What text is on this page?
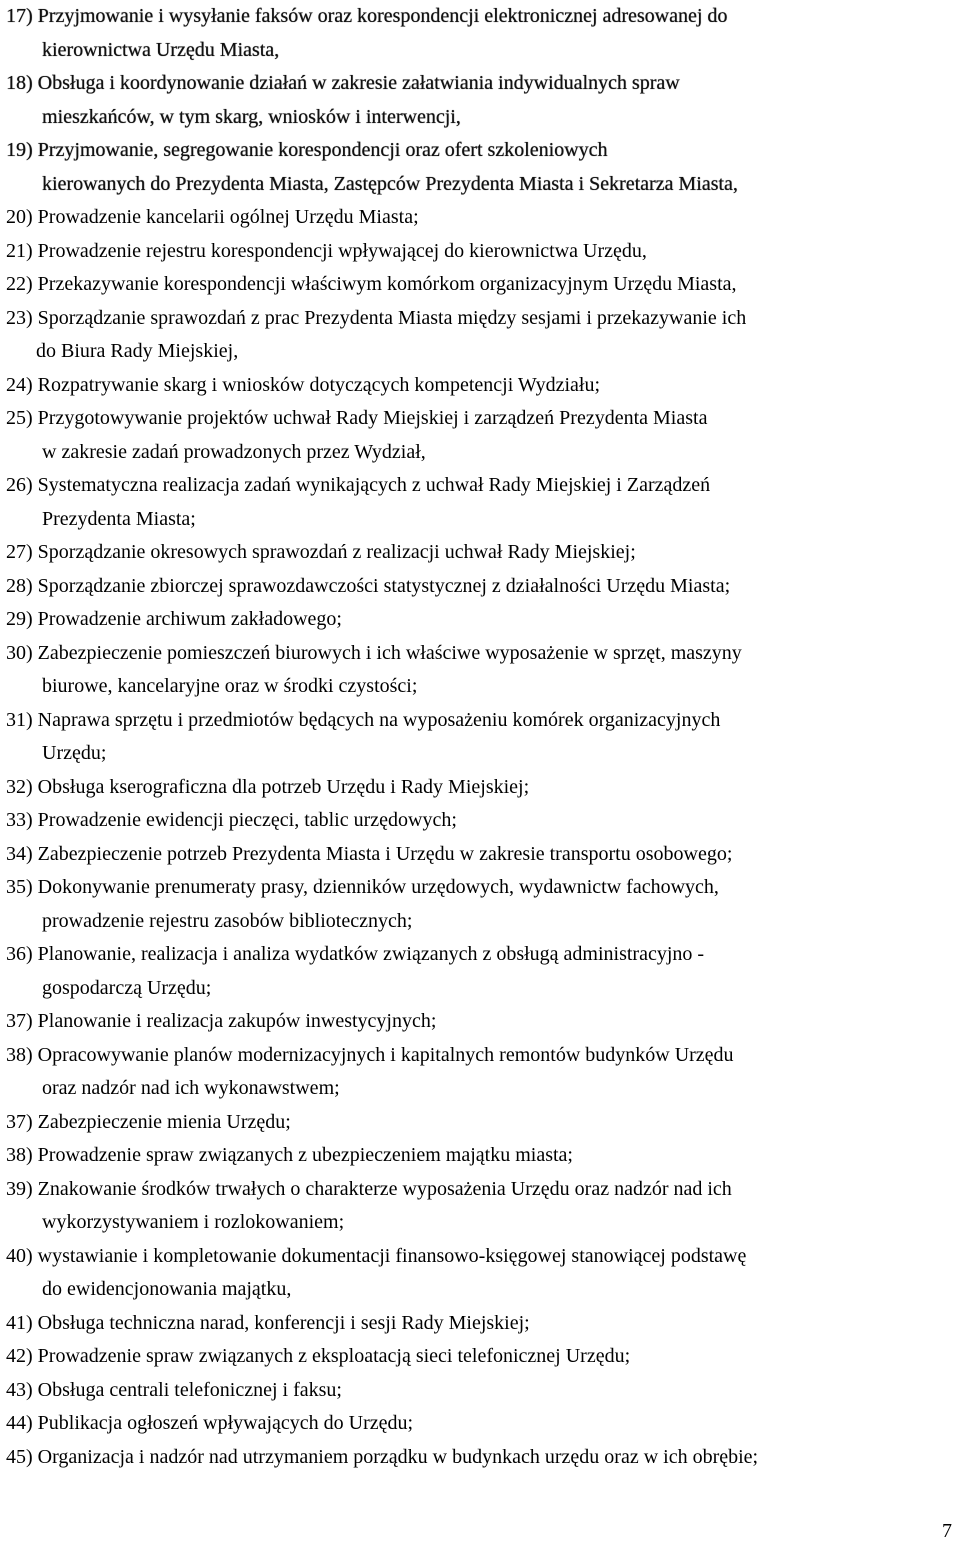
17) Przyjmowanie i wysyłanie faksów oraz korespondencji elektronicznej adresowanej do
kierownictwa Urzędu Miasta,
18) Obsługa i koordynowanie działań w zakresie załatwiania indywidualnych spraw
mieszkańców, w tym skarg, wniosków i interwencji,
19) Przyjmowanie, segregowanie korespondencji oraz ofert szkoleniowych
kierowanych do Prezydenta Miasta, Zastępców Prezydenta Miasta i Sekretarza Miasta,
20) Prowadzenie kancelarii ogólnej Urzędu Miasta;
21) Prowadzenie rejestru korespondencji wpływającej do kierownictwa Urzędu,
22) Przekazywanie korespondencji właściwym komórkom organizacyjnym Urzędu Miasta,
23) Sporządzanie sprawozdań z prac Prezydenta Miasta między sesjami i przekazywanie ich
do Biura Rady Miejskiej,
24) Rozpatrywanie skarg i wniosków dotyczących kompetencji Wydziału;
25) Przygotowywanie projektów uchwał Rady Miejskiej i zarządzeń Prezydenta Miasta
w zakresie zadań prowadzonych przez Wydział,
26) Systematyczna realizacja zadań wynikających z uchwał Rady Miejskiej i Zarządzeń
Prezydenta Miasta;
27) Sporządzanie okresowych sprawozdań z realizacji uchwał Rady Miejskiej;
28) Sporządzanie zbiorczej sprawozdawczości statystycznej z działalności Urzędu Miasta;
29) Prowadzenie archiwum zakładowego;
30) Zabezpieczenie pomieszczeń biurowych i ich właściwe wyposażenie w sprzęt, maszyny
biurowe, kancelaryjne oraz w środki czystości;
31) Naprawa sprzętu i przedmiotów będących na wyposażeniu komórek organizacyjnych
Urzędu;
32) Obsługa kserograficzna dla potrzeb Urzędu i Rady Miejskiej;
33) Prowadzenie ewidencji pieczęci, tablic urzędowych;
34) Zabezpieczenie potrzeb Prezydenta Miasta i Urzędu w zakresie transportu osobowego;
35) Dokonywanie prenumeraty prasy, dzienników urzędowych, wydawnictw fachowych,
prowadzenie rejestru zasobów bibliotecznych;
36) Planowanie, realizacja i analiza wydatków związanych z obsługą administracyjno -
gospodarczą Urzędu;
37) Planowanie i realizacja zakupów inwestycyjnych;
38) Opracowywanie planów modernizacyjnych i kapitalnych remontów budynków Urzędu
oraz nadzór nad ich wykonawstwem;
37) Zabezpieczenie mienia Urzędu;
38) Prowadzenie spraw związanych z ubezpieczeniem majątku miasta;
39) Znakowanie środków trwałych o charakterze wyposażenia Urzędu oraz nadzór nad ich
wykorzystywaniem i rozlokowaniem;
40) wystawianie i kompletowanie dokumentacji finansowo-księgowej stanowiącej podstawę
do ewidencjonowania majątku,
41) Obsługa techniczna narad, konferencji i sesji Rady Miejskiej;
42) Prowadzenie spraw związanych z eksploatacją sieci telefonicznej Urzędu;
43) Obsługa centrali telefonicznej i faksu;
44) Publikacja ogłoszeń wpływających do Urzędu;
45) Organizacja i nadzór nad utrzymaniem porządku w budynkach urzędu oraz w ich obrębie;
7
